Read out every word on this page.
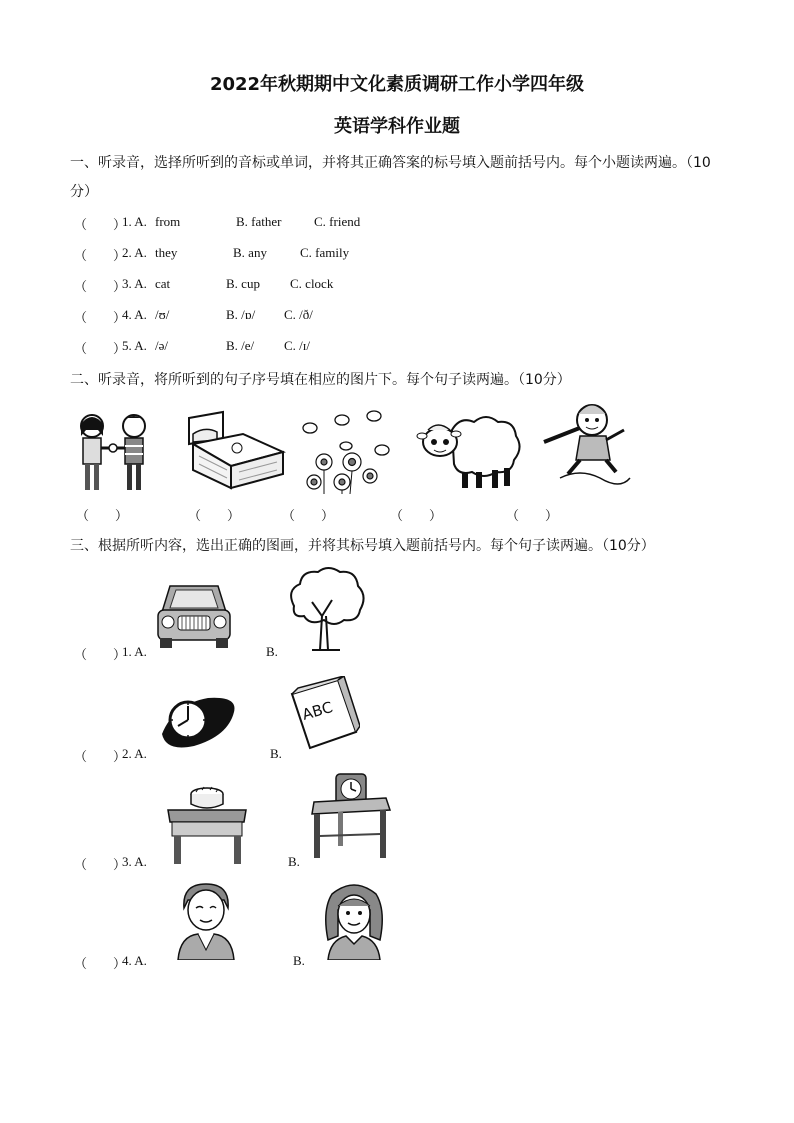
2022年秋期期中文化素质调研工作小学四年级
英语学科作业题
一、听录音，选择所听到的音标或单词，并将其正确答案的标号填入题前括号内。每个小题读两遍。（10
分）
（　　）
1. A. from	B. father	C. friend
（　　）
2. A. they	B. any	C. family
（　　）
3. A. cat	B. cup C. clock
（　　）
4. A. /ʊ/	B. /ɒ/ C. /ð/
（　　）
5. A. /ə/	B. /e/ C. /ɪ/
二、听录音，将所听到的句子序号填在相应的图片下。每个句子读两遍。（10分）
（　　）	（　　）	（　　）	（　　）	（　　）
三、根据所听内容，选出正确的图画，并将其标号填入题前括号内。每个句子读两遍。（10分）
（　　）
1. A.	B.
ABC
（　　）
2. A.	B.
（　　）
3. A.	B.
（　　）
4. A.	B.
